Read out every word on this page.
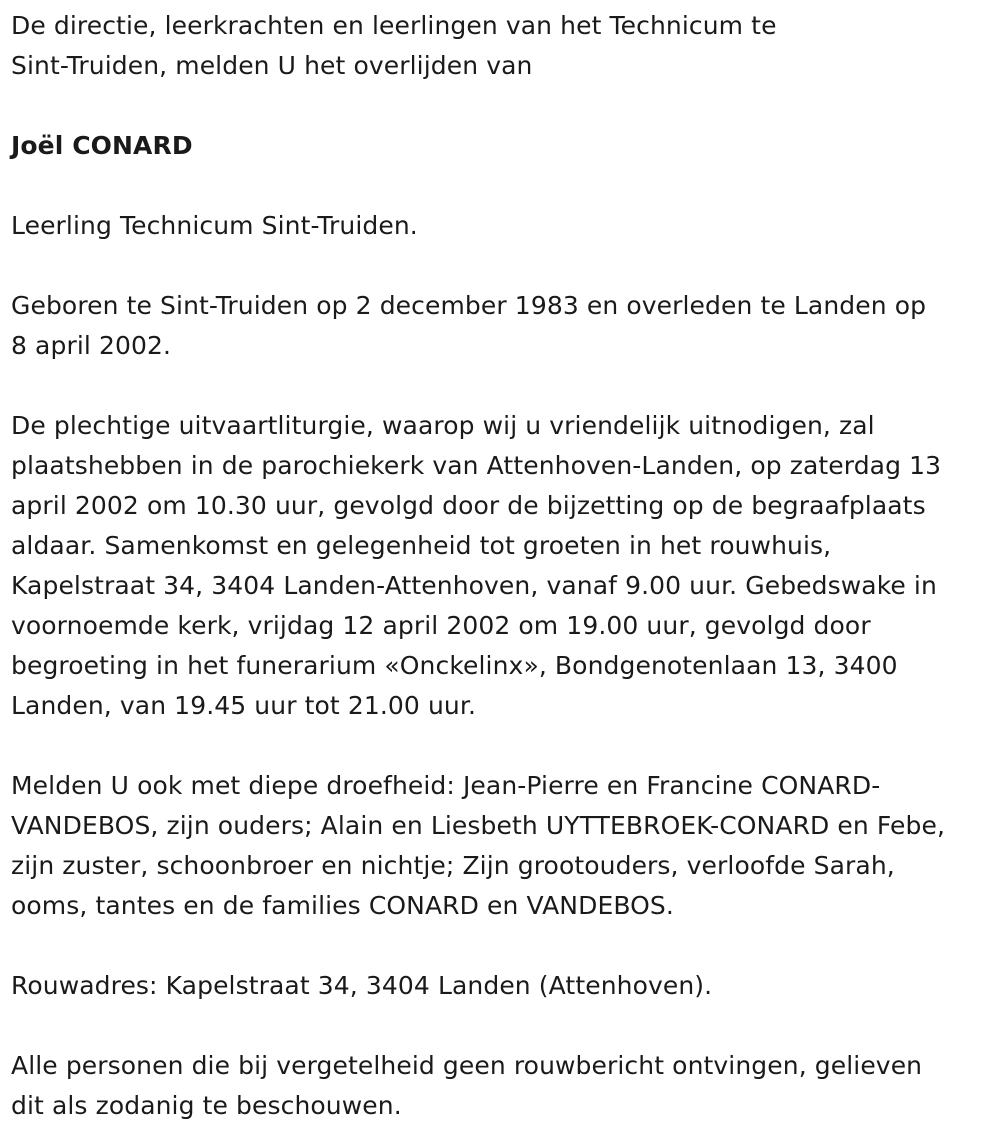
De directie, leerkrachten en leerlingen van het Technicum te
Sint-Truiden, melden U het overlijden van

Joël CONARD

Leerling Technicum Sint-Truiden.

Geboren te Sint-Truiden op 2 december 1983 en overleden te Landen op
8 april 2002.

De plechtige uitvaartliturgie, waarop wij u vriendelijk uitnodigen, zal
plaatshebben in de parochiekerk van Attenhoven-Landen, op zaterdag 13
april 2002 om 10.30 uur, gevolgd door de bijzetting op de begraafplaats
aldaar. Samenkomst en gelegenheid tot groeten in het rouwhuis,
Kapelstraat 34, 3404 Landen-Attenhoven, vanaf 9.00 uur. Gebedswake in
voornoemde kerk, vrijdag 12 april 2002 om 19.00 uur, gevolgd door
begroeting in het funerarium «Onckelinx», Bondgenotenlaan 13, 3400
Landen, van 19.45 uur tot 21.00 uur.

Melden U ook met diepe droefheid: Jean-Pierre en Francine CONARD-
VANDEBOS, zijn ouders; Alain en Liesbeth UYTTEBROEK-CONARD en Febe,
zijn zuster, schoonbroer en nichtje; Zijn grootouders, verloofde Sarah,
ooms, tantes en de families CONARD en VANDEBOS.

Rouwadres: Kapelstraat 34, 3404 Landen (Attenhoven).

Alle personen die bij vergetelheid geen rouwbericht ontvingen, gelieven
dit als zodanig te beschouwen.
